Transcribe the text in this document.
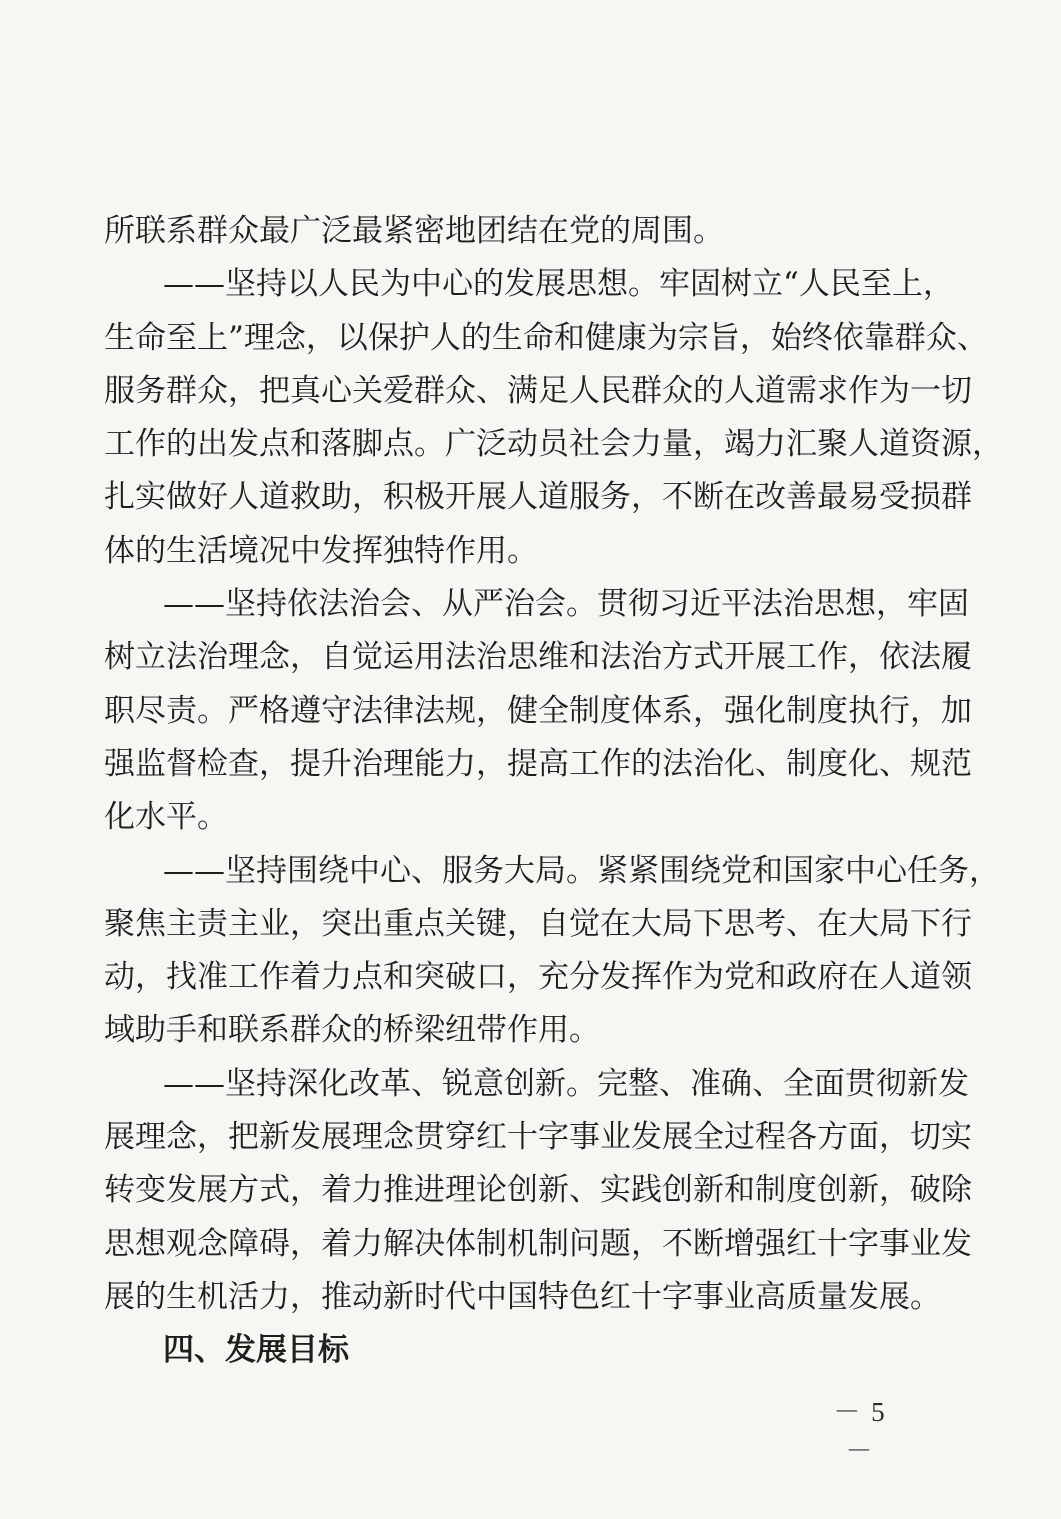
所联系群众最广泛最紧密地团结在党的周围。
——坚持以人民为中心的发展思想。牢固树立“人民至上，
生命至上”理念，以保护人的生命和健康为宗旨，始终依靠群众、
服务群众，把真心关爱群众、满足人民群众的人道需求作为一切
工作的出发点和落脚点。广泛动员社会力量，竭力汇聚人道资源，
扎实做好人道救助，积极开展人道服务，不断在改善最易受损群
体的生活境况中发挥独特作用。
——坚持依法治会、从严治会。贯彻习近平法治思想，牢固
树立法治理念，自觉运用法治思维和法治方式开展工作，依法履
职尽责。严格遵守法律法规，健全制度体系，强化制度执行，加
强监督检查，提升治理能力，提高工作的法治化、制度化、规范
化水平。
——坚持围绕中心、服务大局。紧紧围绕党和国家中心任务，
聚焦主责主业，突出重点关键，自觉在大局下思考、在大局下行
动，找准工作着力点和突破口，充分发挥作为党和政府在人道领
域助手和联系群众的桥梁纽带作用。
——坚持深化改革、锐意创新。完整、准确、全面贯彻新发
展理念，把新发展理念贯穿红十字事业发展全过程各方面，切实
转变发展方式，着力推进理论创新、实践创新和制度创新，破除
思想观念障碍，着力解决体制机制问题，不断增强红十字事业发
展的生机活力，推动新时代中国特色红十字事业高质量发展。
四、发展目标
－ 5 －
